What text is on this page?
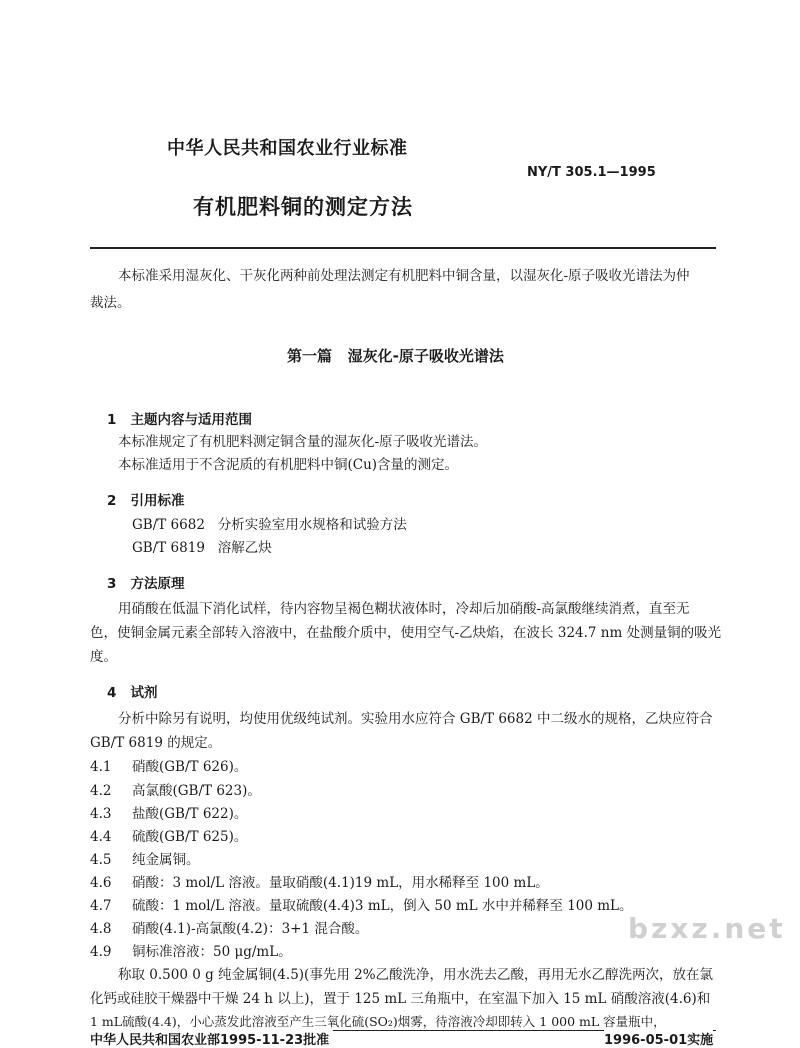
中华人民共和国农业行业标准
NY/T 305.1—1995
有机肥料铜的测定方法
本标准采用湿灰化、干灰化两种前处理法测定有机肥料中铜含量，以湿灰化-原子吸收光谱法为仲
裁法。
第一篇   湿灰化-原子吸收光谱法
1   主题内容与适用范围
本标准规定了有机肥料测定铜含量的湿灰化-原子吸收光谱法。
本标准适用于不含泥质的有机肥料中铜(Cu)含量的测定。
2   引用标准
GB/T 6682   分析实验室用水规格和试验方法
GB/T 6819   溶解乙炔
3   方法原理
用硝酸在低温下消化试样，待内容物呈褐色糊状液体时，冷却后加硝酸-高氯酸继续消煮，直至无
色，使铜金属元素全部转入溶液中，在盐酸介质中，使用空气-乙炔焰，在波长 324.7 nm 处测量铜的吸光
度。
4   试剂
分析中除另有说明，均使用优级纯试剂。实验用水应符合 GB/T 6682 中二级水的规格，乙炔应符合
GB/T 6819 的规定。
4.1 硝酸(GB/T 626)。
4.2 高氯酸(GB/T 623)。
4.3 盐酸(GB/T 622)。
4.4 硫酸(GB/T 625)。
4.5 纯金属铜。
4.6 硝酸：3 mol/L 溶液。量取硝酸(4.1)19 mL，用水稀释至 100 mL。
4.7 硫酸：1 mol/L 溶液。量取硫酸(4.4)3 mL，倒入 50 mL 水中并稀释至 100 mL。
4.8 硝酸(4.1)-高氯酸(4.2)：3+1 混合酸。
4.9 铜标准溶液：50 μg/mL。
称取 0.500 0 g 纯金属铜(4.5)(事先用 2%乙酸洗净，用水洗去乙酸，再用无水乙醇洗两次，放在氯
化钙或硅胶干燥器中干燥 24 h 以上)，置于 125 mL 三角瓶中，在室温下加入 15 mL 硝酸溶液(4.6)和
1 mL硫酸(4.4)，小心蒸发此溶液至产生三氧化硫(SO₂)烟雾，待溶液冷却即转入 1 000 mL 容量瓶中，
bzxz.net
中华人民共和国农业部1995-11-23批准	1996-05-01实施
